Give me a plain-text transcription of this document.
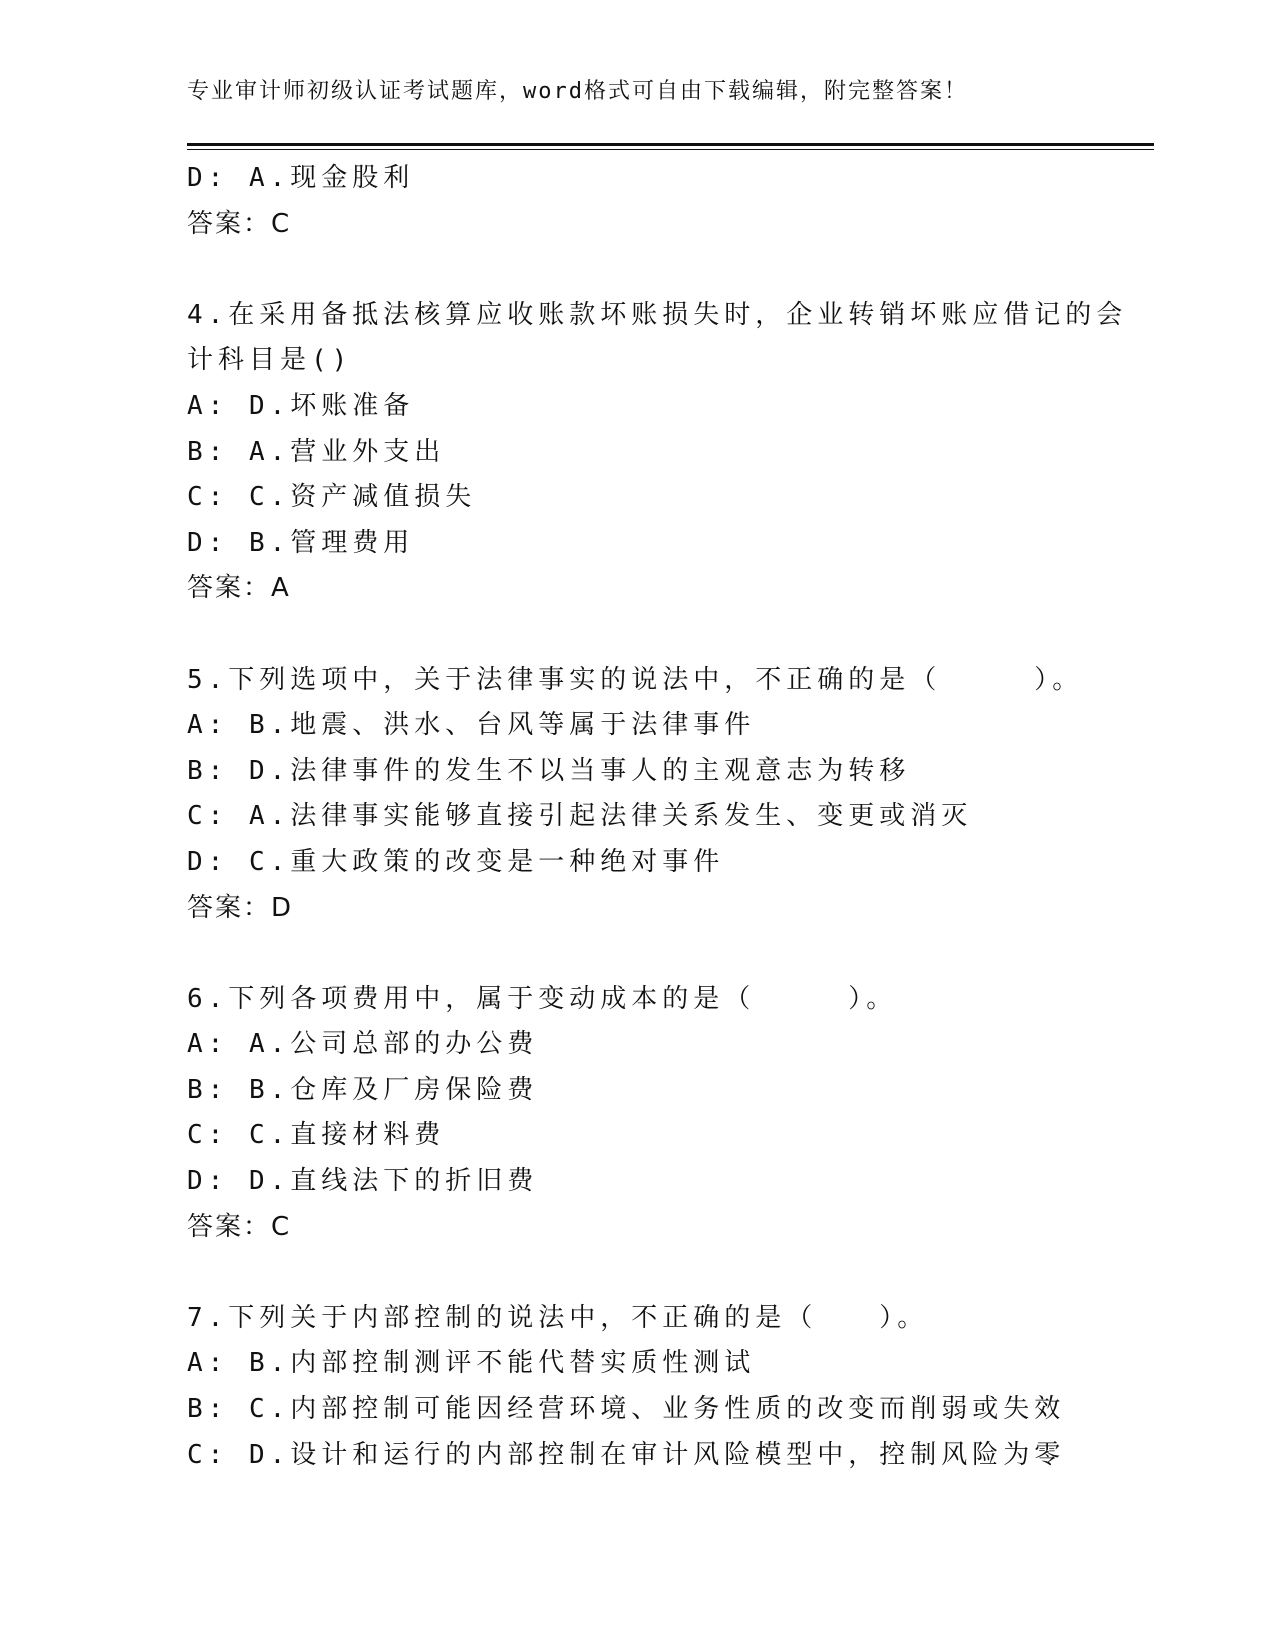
专业审计师初级认证考试题库，word格式可自由下载编辑，附完整答案！
D: A.现金股利
答案：C
4.在采用备抵法核算应收账款坏账损失时，企业转销坏账应借记的会
计科目是()
A: D.坏账准备
B: A.营业外支出
C: C.资产减值损失
D: B.管理费用
答案：A
5.下列选项中，关于法律事实的说法中，不正确的是（　　　）。
A: B.地震、洪水、台风等属于法律事件
B: D.法律事件的发生不以当事人的主观意志为转移
C: A.法律事实能够直接引起法律关系发生、变更或消灭
D: C.重大政策的改变是一种绝对事件
答案：D
6.下列各项费用中，属于变动成本的是（　　　）。
A: A.公司总部的办公费
B: B.仓库及厂房保险费
C: C.直接材料费
D: D.直线法下的折旧费
答案：C
7.下列关于内部控制的说法中，不正确的是（　　）。
A: B.内部控制测评不能代替实质性测试
B: C.内部控制可能因经营环境、业务性质的改变而削弱或失效
C: D.设计和运行的内部控制在审计风险模型中，控制风险为零
